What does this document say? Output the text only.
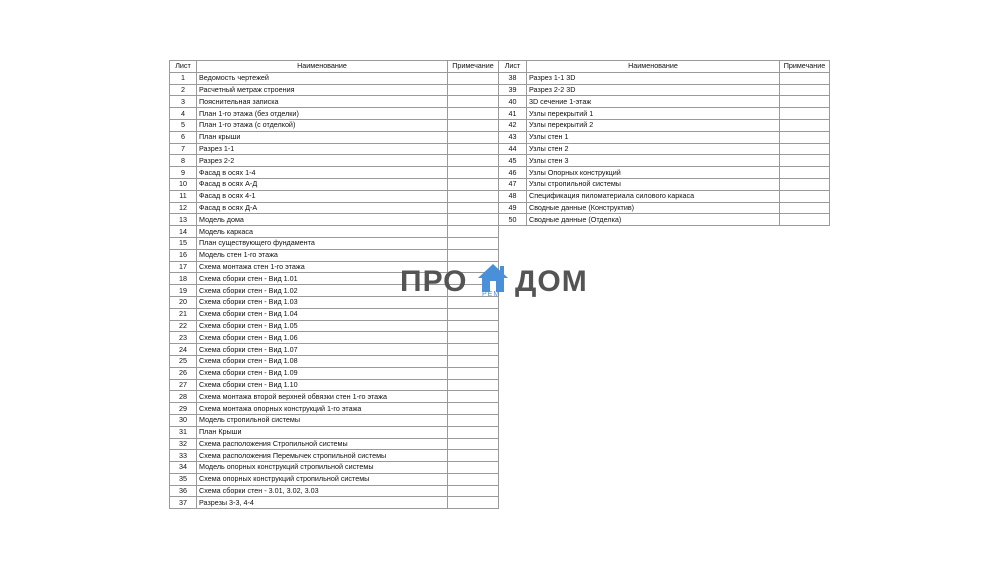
Лист	Наименование	Примечание
1	Ведомость чертежей	
2	Расчетный метраж строения	
3	Пояснительная записка	
4	План 1-го этажа (без отделки)	
5	План 1-го этажа (с отделкой)	
6	План крыши	
7	Разрез 1-1	
8	Разрез 2-2	
9	Фасад в осях 1-4	
10	Фасад в осях А-Д	
11	Фасад в осях 4-1	
12	Фасад в осях Д-А	
13	Модель дома	
14	Модель каркаса	
15	План существующего фундамента	
16	Модель стен 1-го этажа	
17	Схема монтажа стен 1-го этажа	
18	Схема сборки стен - Вид 1.01	
19	Схема сборки стен - Вид 1.02	
20	Схема сборки стен - Вид 1.03	
21	Схема сборки стен - Вид 1.04	
22	Схема сборки стен - Вид 1.05	
23	Схема сборки стен - Вид 1.06	
24	Схема сборки стен - Вид 1.07	
25	Схема сборки стен - Вид 1.08	
26	Схема сборки стен - Вид 1.09	
27	Схема сборки стен - Вид 1.10	
28	Схема монтажа второй верхней обвязки стен 1-го этажа	
29	Схема монтажа опорных конструкций 1-го этажа	
30	Модель стропильной системы	
31	План Крыши	
32	Схема расположения Стропильной системы	
33	Схема расположения Перемычек стропильной системы	
34	Модель опорных конструкций стропильной системы	
35	Схема опорных конструкций стропильной системы	
36	Схема сборки стен - 3.01, 3.02, 3.03	
37	Разрезы 3-3, 4-4	
Лист	Наименование	Примечание
38	Разрез 1-1 3D	
39	Разрез 2-2 3D	
40	3D сечение 1-этаж	
41	Узлы перекрытий 1	
42	Узлы перекрытий 2	
43	Узлы стен 1	
44	Узлы стен 2	
45	Узлы стен 3	
46	Узлы Опорных конструкций	
47	Узлы стропильной системы	
48	Спецификация пиломатериала силового каркаса	
49	Сводные данные (Конструктив)	
50	Сводные данные (Отделка)	
ПРО РЕМ ДОМ
